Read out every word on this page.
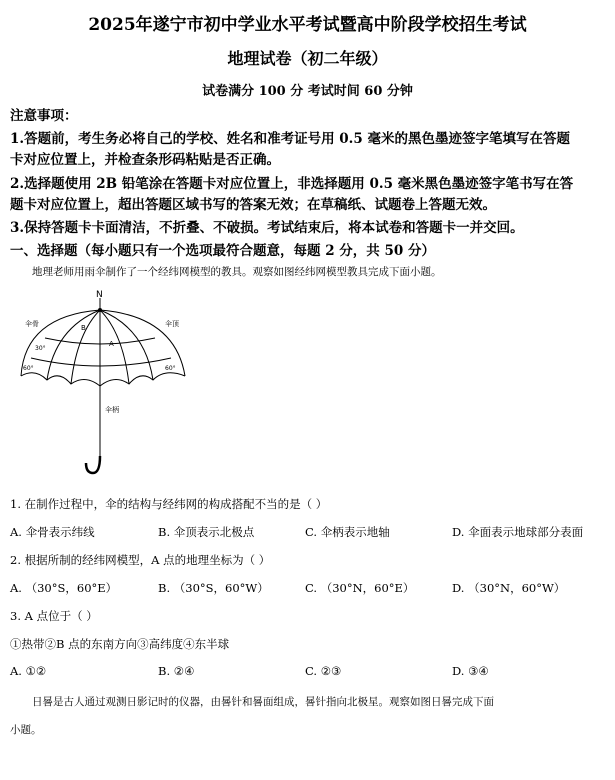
2025年遂宁市初中学业水平考试暨高中阶段学校招生考试
地理试卷（初二年级）
试卷满分 100 分 考试时间 60 分钟
注意事项：
1.答题前，考生务必将自己的学校、姓名和准考证号用 0.5 毫米的黑色墨迹签字笔填写在答题
卡对应位置上，并检查条形码粘贴是否正确。
2.选择题使用 2B 铅笔涂在答题卡对应位置上，非选择题用 0.5 毫米黑色墨迹签字笔书写在答
题卡对应位置上，超出答题区域书写的答案无效；在草稿纸、试题卷上答题无效。
3.保持答题卡卡面清洁，不折叠、不破损。考试结束后，将本试卷和答题卡一并交回。
一、选择题（每小题只有一个选项最符合题意，每题 2 分，共 50 分）
地理老师用雨伞制作了一个经纬网模型的教具。观察如图经纬网模型教具完成下面小题。
N
伞骨	伞顶
伞柄
A
B
30°
60°	60°
1. 在制作过程中，伞的结构与经纬网的构成搭配不当的是（ ）
A. 伞骨表示纬线	B. 伞顶表示北极点	C. 伞柄表示地轴	D. 伞面表示地球部分表面
2. 根据所制的经纬网模型，A 点的地理坐标为（ ）
A. （30°S，60°E）	B. （30°S，60°W）	C. （30°N，60°E）	D. （30°N，60°W）
3. A 点位于（ ）
①热带②B 点的东南方向③高纬度④东半球
A. ①②	B. ②④	C. ②③	D. ③④
日晷是古人通过观测日影记时的仪器，由晷针和晷面组成，晷针指向北极星。观察如图日晷完成下面
小题。
